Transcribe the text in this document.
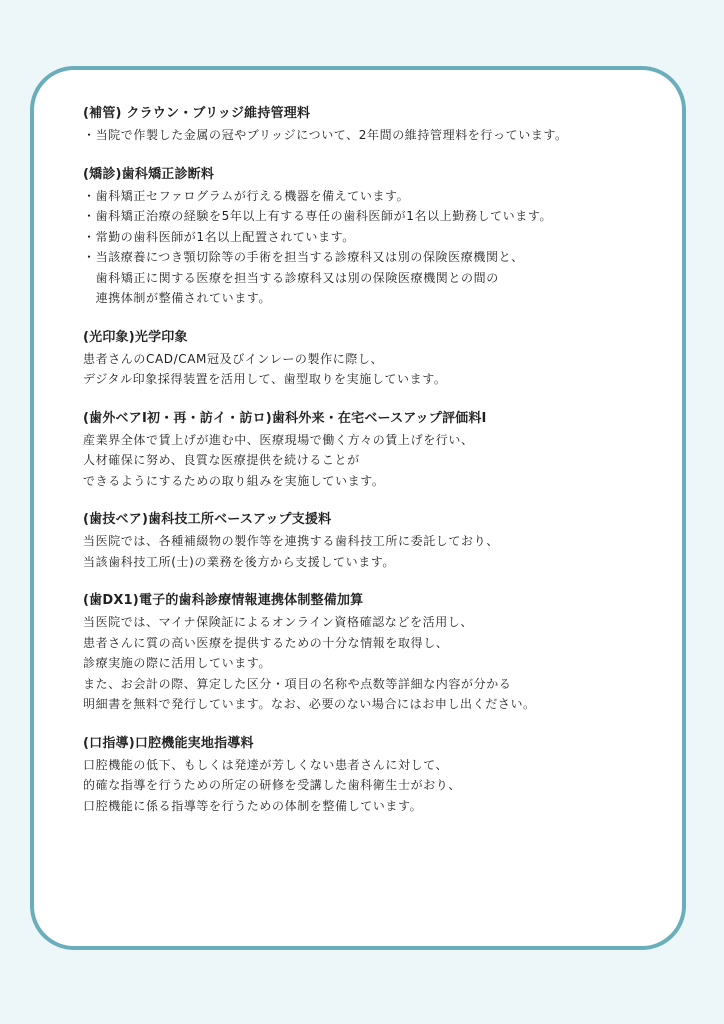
(補管) クラウン・ブリッジ維持管理料
・当院で作製した金属の冠やブリッジについて、2年間の維持管理料を行っています。
(矯診)歯科矯正診断料
・歯科矯正セファログラムが行える機器を備えています。
・歯科矯正治療の経験を5年以上有する専任の歯科医師が1名以上勤務しています。
・常勤の歯科医師が1名以上配置されています。
・当該療養につき顎切除等の手術を担当する診療科又は別の保険医療機関と、
　歯科矯正に関する医療を担当する診療科又は別の保険医療機関との間の
　連携体制が整備されています。
(光印象)光学印象
患者さんのCAD/CAM冠及びインレーの製作に際し、
デジタル印象採得装置を活用して、歯型取りを実施しています。
(歯外ベアⅠ初・再・訪イ・訪ロ)歯科外来・在宅ベースアップ評価料Ⅰ
産業界全体で賃上げが進む中、医療現場で働く方々の賃上げを行い、
人材確保に努め、良質な医療提供を続けることが
できるようにするための取り組みを実施しています。
(歯技ベア)歯科技工所ベースアップ支援料
当医院では、各種補綴物の製作等を連携する歯科技工所に委託しており、
当該歯科技工所(士)の業務を後方から支援しています。
(歯DX1)電子的歯科診療情報連携体制整備加算
当医院では、マイナ保険証によるオンライン資格確認などを活用し、
患者さんに質の高い医療を提供するための十分な情報を取得し、
診療実施の際に活用しています。
また、お会計の際、算定した区分・項目の名称や点数等詳細な内容が分かる
明細書を無料で発行しています。なお、必要のない場合にはお申し出ください。
(口指導)口腔機能実地指導料
口腔機能の低下、もしくは発達が芳しくない患者さんに対して、
的確な指導を行うための所定の研修を受講した歯科衛生士がおり、
口腔機能に係る指導等を行うための体制を整備しています。
